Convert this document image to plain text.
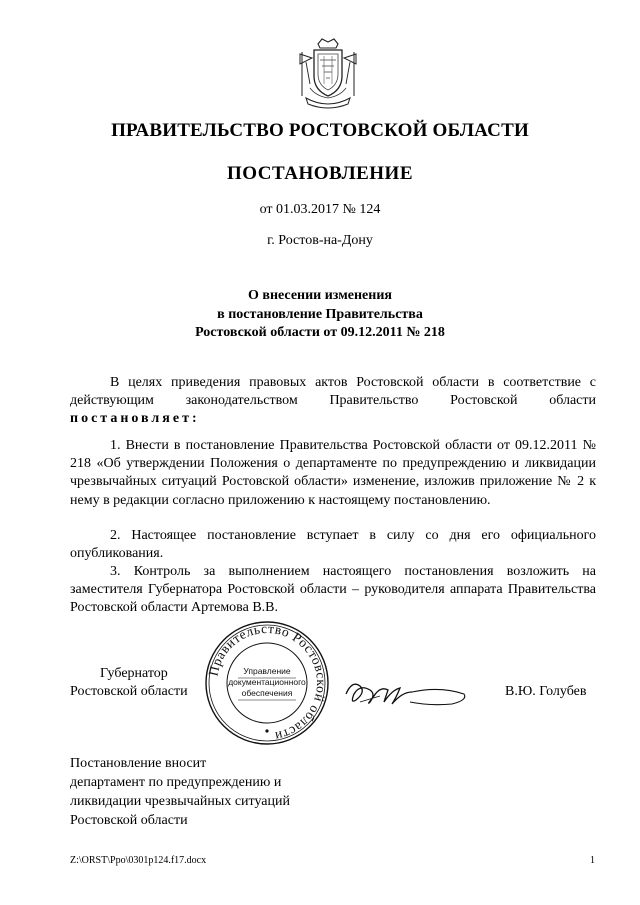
ПРАВИТЕЛЬСТВО РОСТОВСКОЙ ОБЛАСТИ
ПОСТАНОВЛЕНИЕ
от 01.03.2017 № 124
г. Ростов-на-Дону
О внесении изменения
в постановление Правительства
Ростовской области от 09.12.2011 № 218
В целях приведения правовых актов Ростовской области в соответствие с действующим законодательством Правительство Ростовской области постановляет:
1. Внести в постановление Правительства Ростовской области от 09.12.2011 № 218 «Об утверждении Положения о департаменте по предупреждению и ликвидации чрезвычайных ситуаций Ростовской области» изменение, изложив приложение № 2 к нему в редакции согласно приложению к настоящему постановлению.
2. Настоящее постановление вступает в силу со дня его официального опубликования.
3. Контроль за выполнением настоящего постановления возложить на заместителя Губернатора Ростовской области – руководителя аппарата Правительства Ростовской области Артемова В.В.
Губернатор
Ростовской области
Правительство Ростовской области
Управление
документационного
обеспечения	В.Ю. Голубев
Постановление вносит
департамент по предупреждению и
ликвидации чрезвычайных ситуаций
Ростовской области
Z:\ORST\Ppo\0301p124.f17.docx	1
